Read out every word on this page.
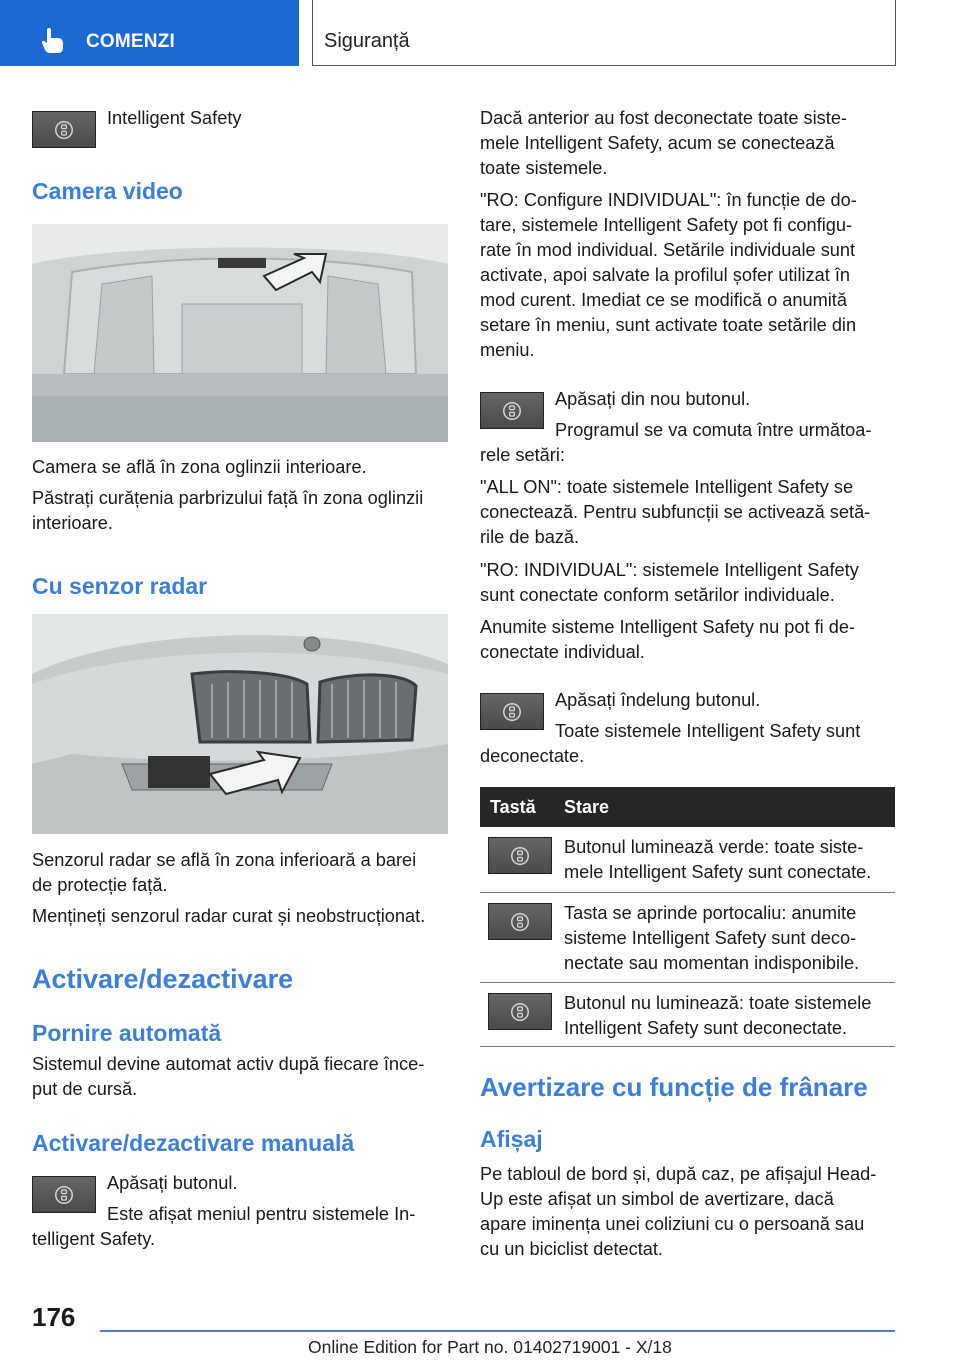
COMENZI	Siguranță
Intelligent Safety
Camera video
Camera se află în zona oglinzii interioare.
Păstrați curățenia parbrizului față în zona oglinzii
interioare.
Cu senzor radar
Senzorul radar se află în zona inferioară a barei
de protecție față.
Mențineți senzorul radar curat și neobstrucționat.
Activare/dezactivare
Pornire automată
Sistemul devine automat activ după fiecare înce-
put de cursă.
Activare/dezactivare manuală
Apăsați butonul.
Este afișat meniul pentru sistemele In-
telligent Safety.
Dacă anterior au fost deconectate toate siste-
mele Intelligent Safety, acum se conectează
toate sistemele.
"RO: Configure INDIVIDUAL": în funcție de do-
tare, sistemele Intelligent Safety pot fi configu-
rate în mod individual. Setările individuale sunt
activate, apoi salvate la profilul șofer utilizat în
mod curent. Imediat ce se modifică o anumită
setare în meniu, sunt activate toate setările din
meniu.
Apăsați din nou butonul.
Programul se va comuta între următoa-
rele setări:
"ALL ON": toate sistemele Intelligent Safety se
conectează. Pentru subfuncții se activează setă-
rile de bază.
"RO: INDIVIDUAL": sistemele Intelligent Safety
sunt conectate conform setărilor individuale.
Anumite sisteme Intelligent Safety nu pot fi de-
conectate individual.
Apăsați îndelung butonul.
Toate sistemele Intelligent Safety sunt
deconectate.
Tastă Stare
Butonul luminează verde: toate siste-
mele Intelligent Safety sunt conectate.
Tasta se aprinde portocaliu: anumite
sisteme Intelligent Safety sunt deco-
nectate sau momentan indisponibile.
Butonul nu luminează: toate sistemele
Intelligent Safety sunt deconectate.
Avertizare cu funcție de frânare
Afișaj
Pe tabloul de bord și, după caz, pe afișajul Head-
Up este afișat un simbol de avertizare, dacă
apare iminența unei coliziuni cu o persoană sau
cu un biciclist detectat.
176
Online Edition for Part no. 01402719001 - X/18
